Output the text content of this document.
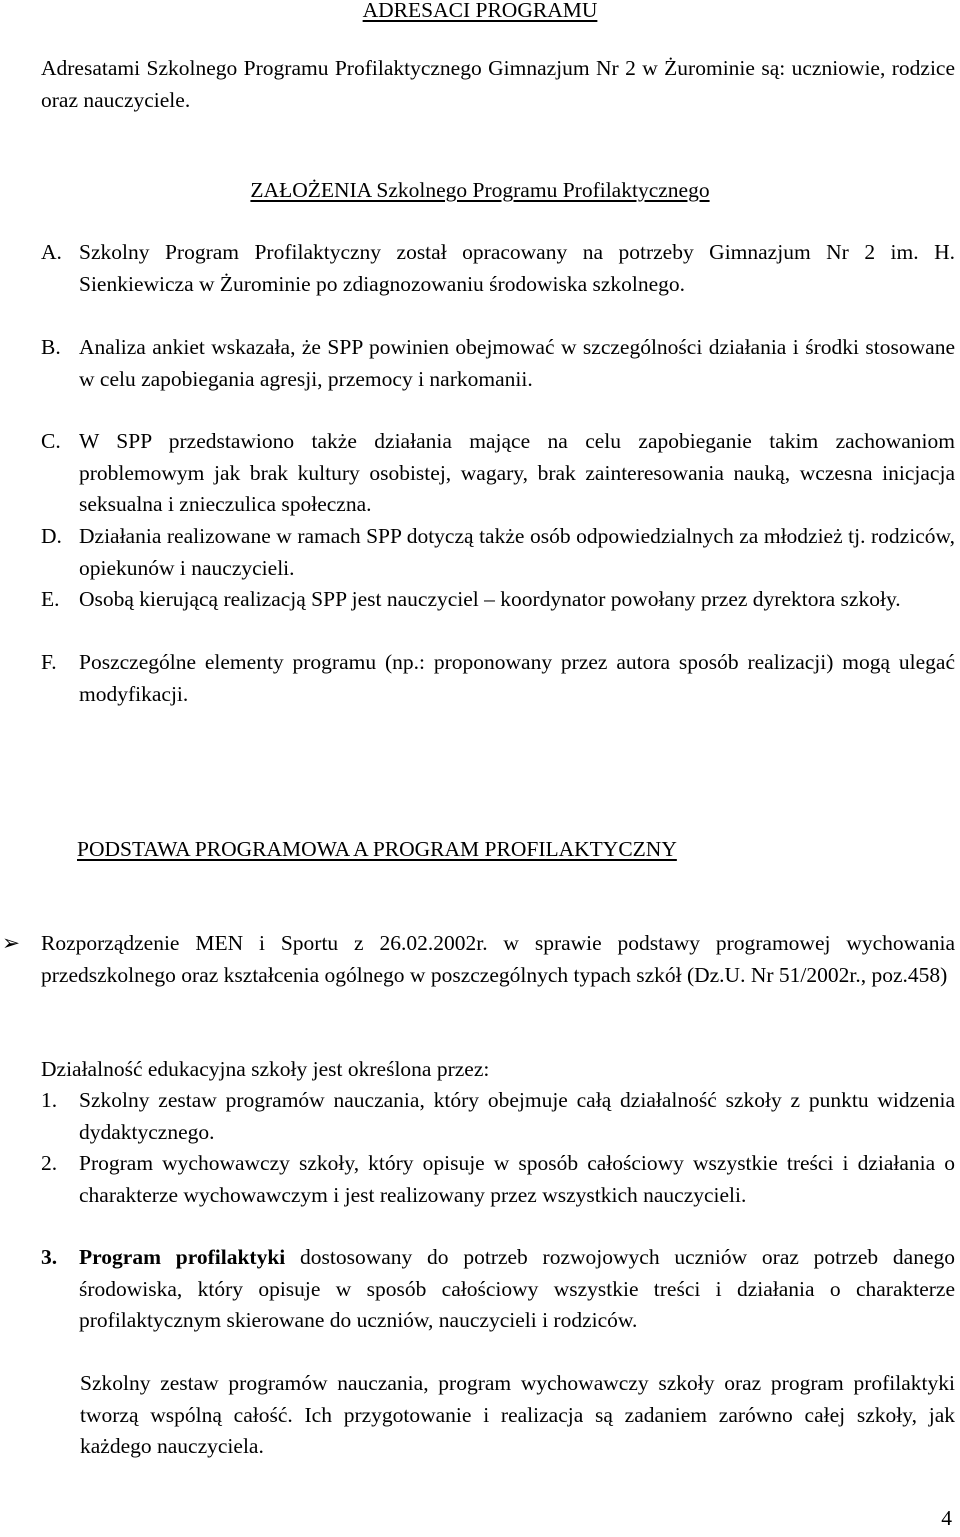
ADRESACI PROGRAMU
Adresatami Szkolnego Programu Profilaktycznego Gimnazjum Nr 2 w Żurominie są: uczniowie, rodzice oraz nauczyciele.
ZAŁOŻENIA Szkolnego Programu Profilaktycznego
A. Szkolny Program Profilaktyczny został opracowany na potrzeby Gimnazjum Nr 2 im. H. Sienkiewicza w Żurominie po zdiagnozowaniu środowiska szkolnego.
B. Analiza ankiet wskazała, że SPP powinien obejmować w szczególności działania i środki stosowane w celu zapobiegania agresji, przemocy i narkomanii.
C. W SPP przedstawiono także działania mające na celu zapobieganie takim zachowaniom problemowym jak brak kultury osobistej, wagary, brak zainteresowania nauką, wczesna inicjacja seksualna i znieczulica społeczna.
D. Działania realizowane w ramach SPP dotyczą także osób odpowiedzialnych za młodzież tj. rodziców, opiekunów i nauczycieli.
E. Osobą kierującą realizacją SPP jest nauczyciel – koordynator powołany przez dyrektora szkoły.
F. Poszczególne elementy programu (np.: proponowany przez autora sposób realizacji) mogą ulegać modyfikacji.
PODSTAWA PROGRAMOWA A PROGRAM PROFILAKTYCZNY
➢ Rozporządzenie MEN i Sportu z 26.02.2002r. w sprawie podstawy programowej wychowania przedszkolnego oraz kształcenia ogólnego w poszczególnych typach szkół (Dz.U. Nr 51/2002r., poz.458)
Działalność edukacyjna szkoły jest określona przez:
1. Szkolny zestaw programów nauczania, który obejmuje całą działalność szkoły z punktu widzenia dydaktycznego.
2. Program wychowawczy szkoły, który opisuje w sposób całościowy wszystkie treści i działania o charakterze wychowawczym i jest realizowany przez wszystkich nauczycieli.
3. Program profilaktyki dostosowany do potrzeb rozwojowych uczniów oraz potrzeb danego środowiska, który opisuje w sposób całościowy wszystkie treści i działania o charakterze profilaktycznym skierowane do uczniów, nauczycieli i rodziców.
Szkolny zestaw programów nauczania, program wychowawczy szkoły oraz program profilaktyki tworzą wspólną całość. Ich przygotowanie i realizacja są zadaniem zarówno całej szkoły, jak każdego nauczyciela.
4
